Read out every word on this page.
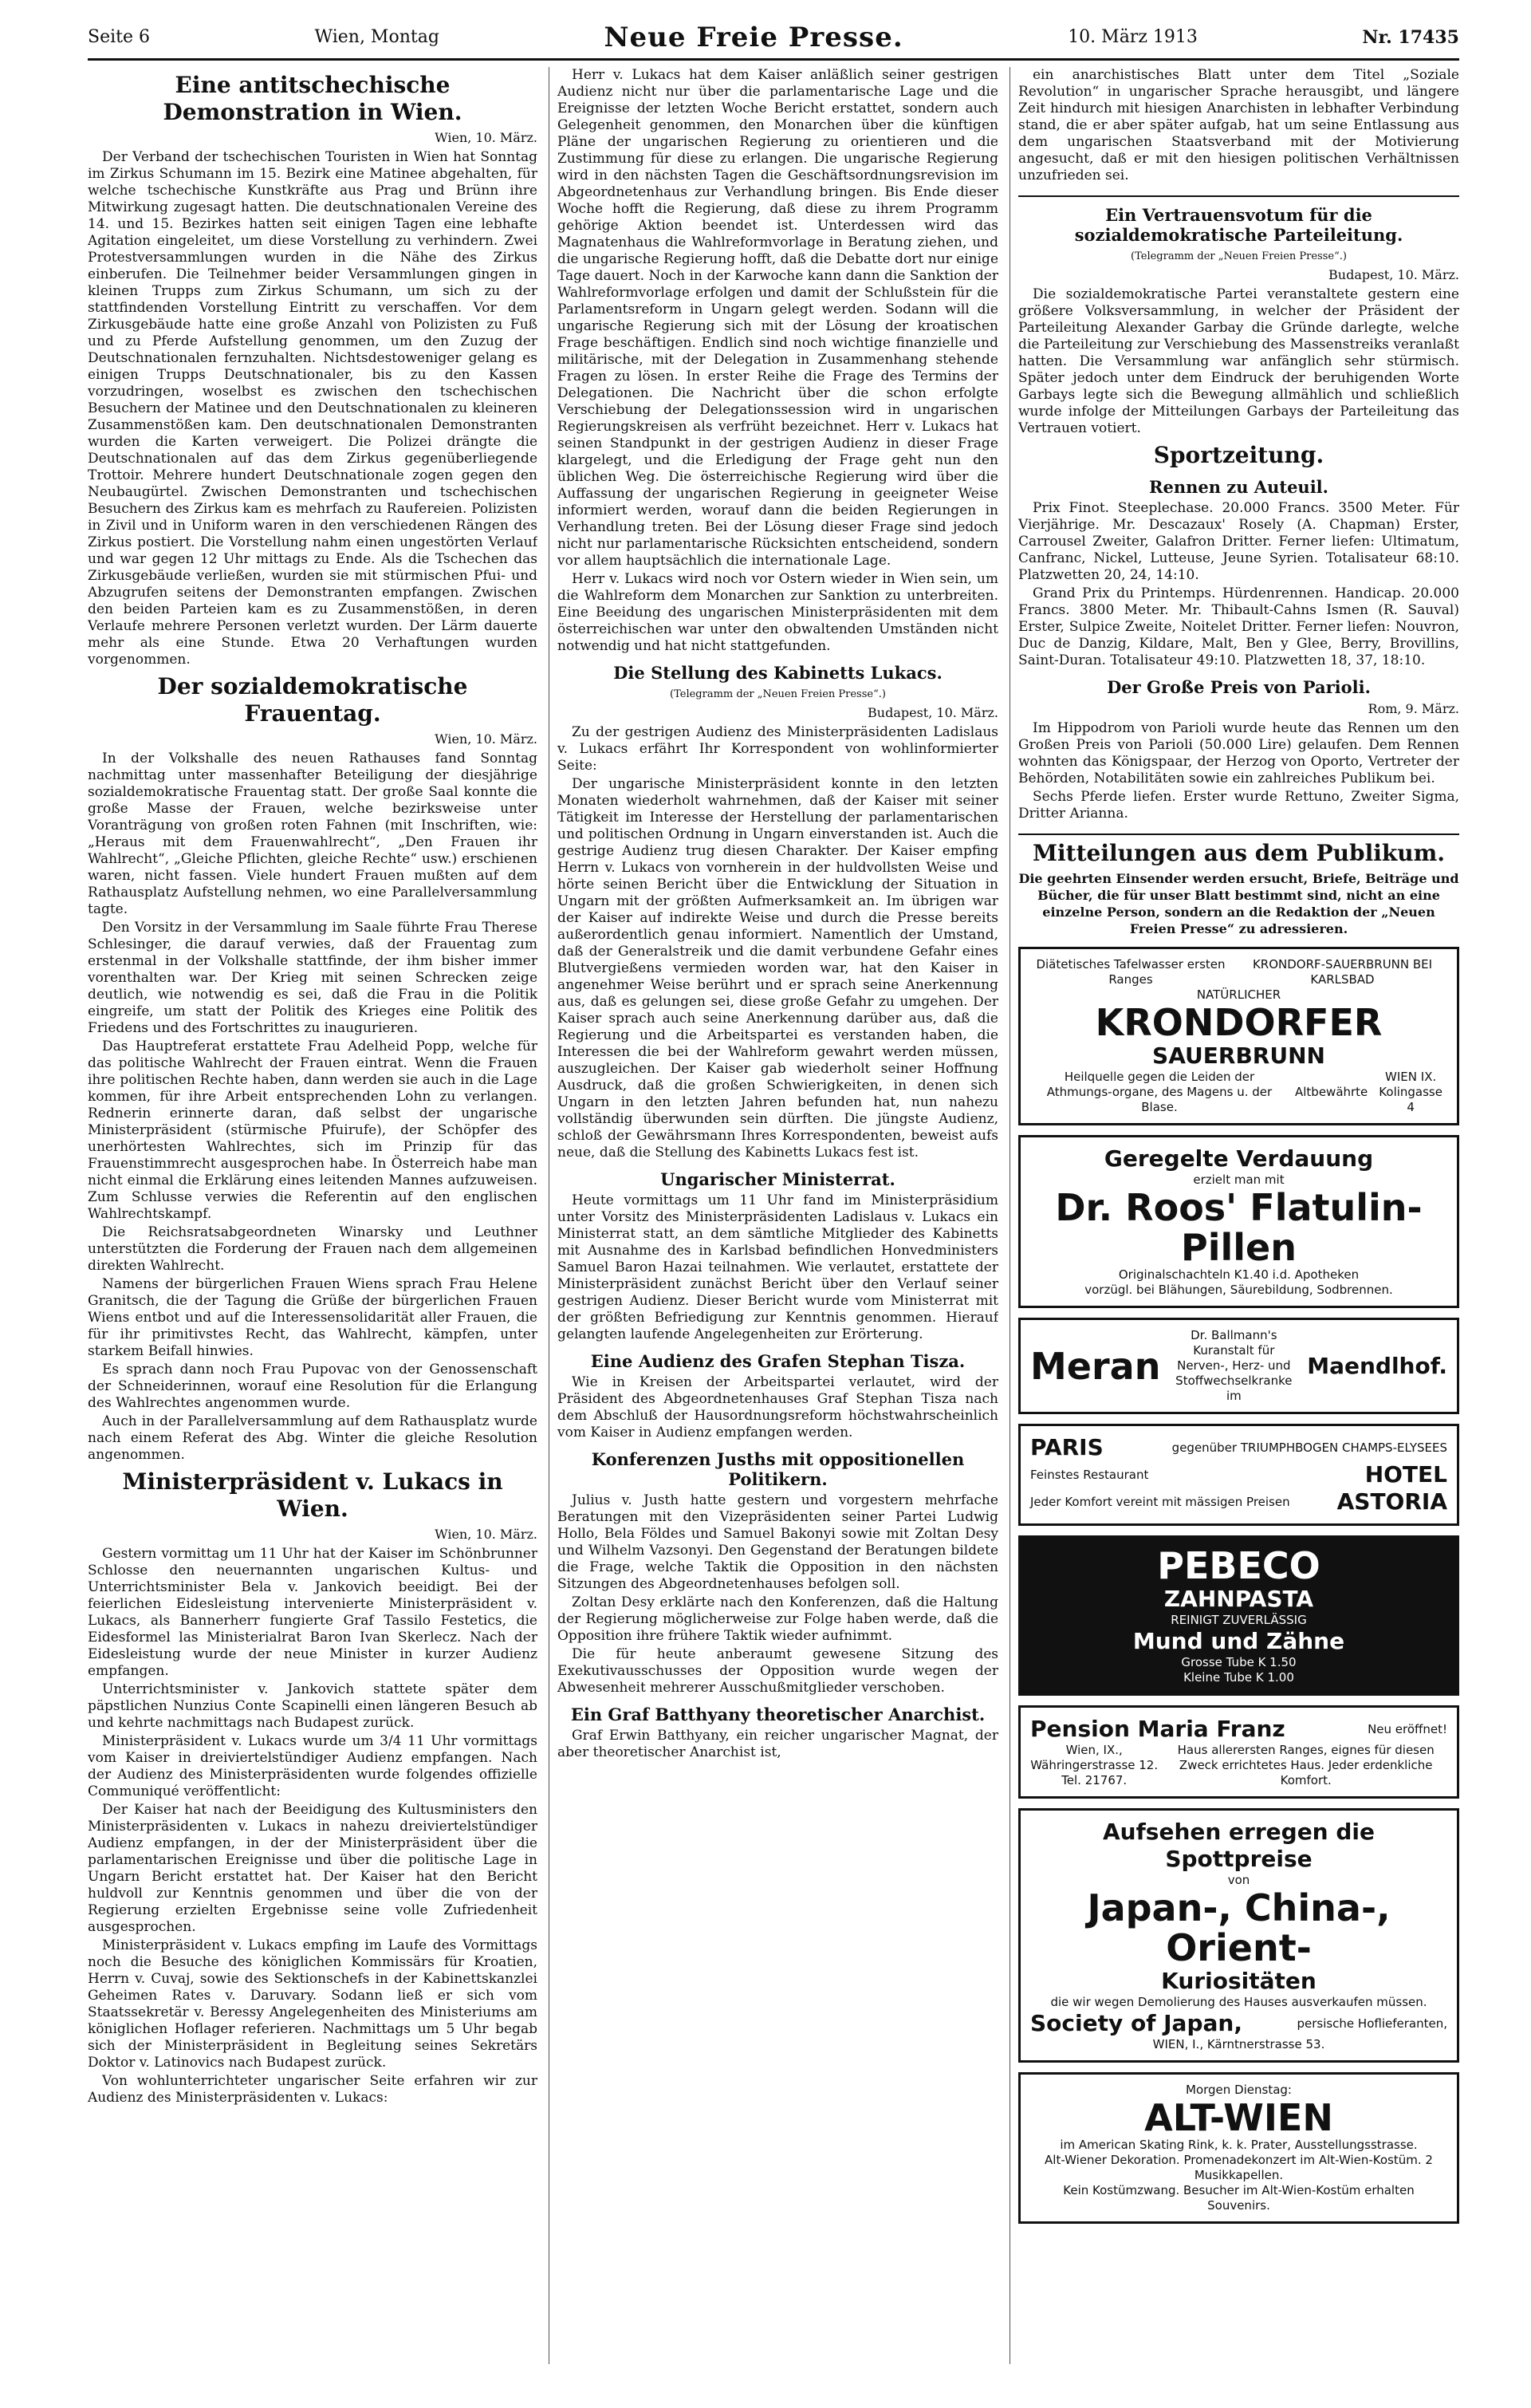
Seite 6	Wien, Montag	Neue Freie Presse.	10. März 1913	Nr. 17435
Eine antitschechische Demonstration in Wien.
Wien, 10. März.

Der Verband der tschechischen Touristen in Wien hat Sonntag im Zirkus Schumann im 15. Bezirk eine Matinee abgehalten, für welche tschechische Kunstkräfte aus Prag und Brünn ihre Mitwirkung zugesagt hatten. Die deutschnationalen Vereine des 14. und 15. Bezirkes hatten seit einigen Tagen eine lebhafte Agitation eingeleitet, um diese Vorstellung zu verhindern. Zwei Protestversammlungen wurden in die Nähe des Zirkus einberufen. Die Teilnehmer beider Versammlungen gingen in kleinen Trupps zum Zirkus Schumann, um sich zu der stattfindenden Vorstellung Eintritt zu verschaffen. Vor dem Zirkusgebäude hatte eine große Anzahl von Polizisten zu Fuß und zu Pferde Aufstellung genommen, um den Zuzug der Deutschnationalen fernzuhalten. Nichtsdestoweniger gelang es einigen Trupps Deutschnationaler, bis zu den Kassen vorzudringen, woselbst es zwischen den tschechischen Besuchern der Matinee und den Deutschnationalen zu kleineren Zusammenstößen kam. Den deutschnationalen Demonstranten wurden die Karten verweigert. Die Polizei drängte die Deutschnationalen auf das dem Zirkus gegenüberliegende Trottoir. Mehrere hundert Deutschnationale zogen gegen den Neubaugürtel. Zwischen Demonstranten und tschechischen Besuchern des Zirkus kam es mehrfach zu Raufereien. Polizisten in Zivil und in Uniform waren in den verschiedenen Rängen des Zirkus postiert. Die Vorstellung nahm einen ungestörten Verlauf und war gegen 12 Uhr mittags zu Ende. Als die Tschechen das Zirkusgebäude verließen, wurden sie mit stürmischen Pfui- und Abzugrufen seitens der Demonstranten empfangen. Zwischen den beiden Parteien kam es zu Zusammenstößen, in deren Verlaufe mehrere Personen verletzt wurden. Der Lärm dauerte mehr als eine Stunde. Etwa 20 Verhaftungen wurden vorgenommen.

Der sozialdemokratische Frauentag.
Wien, 10. März.

In der Volkshalle des neuen Rathauses fand Sonntag nachmittag unter massenhafter Beteiligung der diesjährige sozialdemokratische Frauentag statt. Der große Saal konnte die große Masse der Frauen, welche bezirksweise unter Voranträgung von großen roten Fahnen (mit Inschriften, wie: „Heraus mit dem Frauenwahlrecht“, „Den Frauen ihr Wahlrecht“, „Gleiche Pflichten, gleiche Rechte“ usw.) erschienen waren, nicht fassen. Viele hundert Frauen mußten auf dem Rathausplatz Aufstellung nehmen, wo eine Parallelversammlung tagte.

Den Vorsitz in der Versammlung im Saale führte Frau Therese Schlesinger, die darauf verwies, daß der Frauentag zum erstenmal in der Volkshalle stattfinde, der ihm bisher immer vorenthalten war. Der Krieg mit seinen Schrecken zeige deutlich, wie notwendig es sei, daß die Frau in die Politik eingreife, um statt der Politik des Krieges eine Politik des Friedens und des Fortschrittes zu inaugurieren.

Das Hauptreferat erstattete Frau Adelheid Popp, welche für das politische Wahlrecht der Frauen eintrat. Wenn die Frauen ihre politischen Rechte haben, dann werden sie auch in die Lage kommen, für ihre Arbeit entsprechenden Lohn zu verlangen. Rednerin erinnerte daran, daß selbst der ungarische Ministerpräsident (stürmische Pfuirufe), der Schöpfer des unerhörtesten Wahlrechtes, sich im Prinzip für das Frauenstimmrecht ausgesprochen habe. In Österreich habe man nicht einmal die Erklärung eines leitenden Mannes aufzuweisen. Zum Schlusse verwies die Referentin auf den englischen Wahlrechtskampf.

Die Reichsratsabgeordneten Winarsky und Leuthner unterstützten die Forderung der Frauen nach dem allgemeinen direkten Wahlrecht.

Namens der bürgerlichen Frauen Wiens sprach Frau Helene Granitsch, die der Tagung die Grüße der bürgerlichen Frauen Wiens entbot und auf die Interessensolidarität aller Frauen, die für ihr primitivstes Recht, das Wahlrecht, kämpfen, unter starkem Beifall hinwies.

Es sprach dann noch Frau Pupovac von der Genossenschaft der Schneiderinnen, worauf eine Resolution für die Erlangung des Wahlrechtes angenommen wurde.

Auch in der Parallelversammlung auf dem Rathausplatz wurde nach einem Referat des Abg. Winter die gleiche Resolution angenommen.

Ministerpräsident v. Lukacs in Wien.
Wien, 10. März.

Gestern vormittag um 11 Uhr hat der Kaiser im Schönbrunner Schlosse den neuernannten ungarischen Kultus- und Unterrichtsminister Bela v. Jankovich beeidigt. Bei der feierlichen Eidesleistung intervenierte Ministerpräsident v. Lukacs, als Bannerherr fungierte Graf Tassilo Festetics, die Eidesformel las Ministerialrat Baron Ivan Skerlecz. Nach der Eidesleistung wurde der neue Minister in kurzer Audienz empfangen.

Unterrichtsminister v. Jankovich stattete später dem päpstlichen Nunzius Conte Scapinelli einen längeren Besuch ab und kehrte nachmittags nach Budapest zurück.

Ministerpräsident v. Lukacs wurde um 3/4 11 Uhr vormittags vom Kaiser in dreiviertelstündiger Audienz empfangen. Nach der Audienz des Ministerpräsidenten wurde folgendes offizielle Communiqué veröffentlicht:

Der Kaiser hat nach der Beeidigung des Kultusministers den Ministerpräsidenten v. Lukacs in nahezu dreiviertelstündiger Audienz empfangen, in der der Ministerpräsident über die parlamentarischen Ereignisse und über die politische Lage in Ungarn Bericht erstattet hat. Der Kaiser hat den Bericht huldvoll zur Kenntnis genommen und über die von der Regierung erzielten Ergebnisse seine volle Zufriedenheit ausgesprochen.

Ministerpräsident v. Lukacs empfing im Laufe des Vormittags noch die Besuche des königlichen Kommissärs für Kroatien, Herrn v. Cuvaj, sowie des Sektionschefs in der Kabinettskanzlei Geheimen Rates v. Daruvary. Sodann ließ er sich vom Staatssekretär v. Beressy Angelegenheiten des Ministeriums am königlichen Hoflager referieren. Nachmittags um 5 Uhr begab sich der Ministerpräsident in Begleitung seines Sekretärs Doktor v. Latinovics nach Budapest zurück.

Von wohlunterrichteter ungarischer Seite erfahren wir zur Audienz des Ministerpräsidenten v. Lukacs:

Herr v. Lukacs hat dem Kaiser anläßlich seiner gestrigen Audienz nicht nur über die parlamentarische Lage und die Ereignisse der letzten Woche Bericht erstattet, sondern auch Gelegenheit genommen, den Monarchen über die künftigen Pläne der ungarischen Regierung zu orientieren und die Zustimmung für diese zu erlangen. Die ungarische Regierung wird in den nächsten Tagen die Geschäftsordnungsrevision im Abgeordnetenhaus zur Verhandlung bringen. Bis Ende dieser Woche hofft die Regierung, daß diese zu ihrem Programm gehörige Aktion beendet ist. Unterdessen wird das Magnatenhaus die Wahlreformvorlage in Beratung ziehen, und die ungarische Regierung hofft, daß die Debatte dort nur einige Tage dauert. Noch in der Karwoche kann dann die Sanktion der Wahlreformvorlage erfolgen und damit der Schlußstein für die Parlamentsreform in Ungarn gelegt werden. Sodann will die ungarische Regierung sich mit der Lösung der kroatischen Frage beschäftigen. Endlich sind noch wichtige finanzielle und militärische, mit der Delegation in Zusammenhang stehende Fragen zu lösen. In erster Reihe die Frage des Termins der Delegationen. Die Nachricht über die schon erfolgte Verschiebung der Delegationssession wird in ungarischen Regierungskreisen als verfrüht bezeichnet. Herr v. Lukacs hat seinen Standpunkt in der gestrigen Audienz in dieser Frage klargelegt, und die Erledigung der Frage geht nun den üblichen Weg. Die österreichische Regierung wird über die Auffassung der ungarischen Regierung in geeigneter Weise informiert werden, worauf dann die beiden Regierungen in Verhandlung treten. Bei der Lösung dieser Frage sind jedoch nicht nur parlamentarische Rücksichten entscheidend, sondern vor allem hauptsächlich die internationale Lage.

Herr v. Lukacs wird noch vor Ostern wieder in Wien sein, um die Wahlreform dem Monarchen zur Sanktion zu unterbreiten. Eine Beeidung des ungarischen Ministerpräsidenten mit dem österreichischen war unter den obwaltenden Umständen nicht notwendig und hat nicht stattgefunden.

Die Stellung des Kabinetts Lukacs.
(Telegramm der „Neuen Freien Presse“.)
Budapest, 10. März.

Zu der gestrigen Audienz des Ministerpräsidenten Ladislaus v. Lukacs erfährt Ihr Korrespondent von wohlinformierter Seite:

Der ungarische Ministerpräsident konnte in den letzten Monaten wiederholt wahrnehmen, daß der Kaiser mit seiner Tätigkeit im Interesse der Herstellung der parlamentarischen und politischen Ordnung in Ungarn einverstanden ist. Auch die gestrige Audienz trug diesen Charakter. Der Kaiser empfing Herrn v. Lukacs von vornherein in der huldvollsten Weise und hörte seinen Bericht über die Entwicklung der Situation in Ungarn mit der größten Aufmerksamkeit an. Im übrigen war der Kaiser auf indirekte Weise und durch die Presse bereits außerordentlich genau informiert. Namentlich der Umstand, daß der Generalstreik und die damit verbundene Gefahr eines Blutvergießens vermieden worden war, hat den Kaiser in angenehmer Weise berührt und er sprach seine Anerkennung aus, daß es gelungen sei, diese große Gefahr zu umgehen. Der Kaiser sprach auch seine Anerkennung darüber aus, daß die Regierung und die Arbeitspartei es verstanden haben, die Interessen die bei der Wahlreform gewahrt werden müssen, auszugleichen. Der Kaiser gab wiederholt seiner Hoffnung Ausdruck, daß die großen Schwierigkeiten, in denen sich Ungarn in den letzten Jahren befunden hat, nun nahezu vollständig überwunden sein dürften. Die jüngste Audienz, schloß der Gewährsmann Ihres Korrespondenten, beweist aufs neue, daß die Stellung des Kabinetts Lukacs fest ist.

Ungarischer Ministerrat.

Heute vormittags um 11 Uhr fand im Ministerpräsidium unter Vorsitz des Ministerpräsidenten Ladislaus v. Lukacs ein Ministerrat statt, an dem sämtliche Mitglieder des Kabinetts mit Ausnahme des in Karlsbad befindlichen Honvedministers Samuel Baron Hazai teilnahmen. Wie verlautet, erstattete der Ministerpräsident zunächst Bericht über den Verlauf seiner gestrigen Audienz. Dieser Bericht wurde vom Ministerrat mit der größten Befriedigung zur Kenntnis genommen. Hierauf gelangten laufende Angelegenheiten zur Erörterung.

Eine Audienz des Grafen Stephan Tisza.

Wie in Kreisen der Arbeitspartei verlautet, wird der Präsident des Abgeordnetenhauses Graf Stephan Tisza nach dem Abschluß der Hausordnungsreform höchstwahrscheinlich vom Kaiser in Audienz empfangen werden.

Konferenzen Jusths mit oppositionellen Politikern.

Julius v. Justh hatte gestern und vorgestern mehrfache Beratungen mit den Vizepräsidenten seiner Partei Ludwig Hollo, Bela Földes und Samuel Bakonyi sowie mit Zoltan Desy und Wilhelm Vazsonyi. Den Gegenstand der Beratungen bildete die Frage, welche Taktik die Opposition in den nächsten Sitzungen des Abgeordnetenhauses befolgen soll.

Zoltan Desy erklärte nach den Konferenzen, daß die Haltung der Regierung möglicherweise zur Folge haben werde, daß die Opposition ihre frühere Taktik wieder aufnimmt.

Die für heute anberaumt gewesene Sitzung des Exekutivausschusses der Opposition wurde wegen der Abwesenheit mehrerer Ausschußmitglieder verschoben.

Ein Graf Batthyany theoretischer Anarchist.

Graf Erwin Batthyany, ein reicher ungarischer Magnat, der aber theoretischer Anarchist ist,

ein anarchistisches Blatt unter dem Titel „Soziale Revolution“ in ungarischer Sprache herausgibt, und längere Zeit hindurch mit hiesigen Anarchisten in lebhafter Verbindung stand, die er aber später aufgab, hat um seine Entlassung aus dem ungarischen Staatsverband mit der Motivierung angesucht, daß er mit den hiesigen politischen Verhältnissen unzufrieden sei.

Ein Vertrauensvotum für die sozialdemokratische Parteileitung.
(Telegramm der „Neuen Freien Presse“.)
Budapest, 10. März.

Die sozialdemokratische Partei veranstaltete gestern eine größere Volksversammlung, in welcher der Präsident der Parteileitung Alexander Garbay die Gründe darlegte, welche die Parteileitung zur Verschiebung des Massenstreiks veranlaßt hatten. Die Versammlung war anfänglich sehr stürmisch. Später jedoch unter dem Eindruck der beruhigenden Worte Garbays legte sich die Bewegung allmählich und schließlich wurde infolge der Mitteilungen Garbays der Parteileitung das Vertrauen votiert.

Sportzeitung.
Rennen zu Auteuil.

Prix Finot. Steeplechase. 20.000 Francs. 3500 Meter. Für Vierjährige. Mr. Descazaux' Rosely (A. Chapman) Erster, Carrousel Zweiter, Galafron Dritter. Ferner liefen: Ultimatum, Canfranc, Nickel, Lutteuse, Jeune Syrien. Totalisateur 68:10. Platzwetten 20, 24, 14:10.

Grand Prix du Printemps. Hürdenrennen. Handicap. 20.000 Francs. 3800 Meter. Mr. Thibault-Cahns Ismen (R. Sauval) Erster, Sulpice Zweite, Noitelet Dritter. Ferner liefen: Nouvron, Duc de Danzig, Kildare, Malt, Ben y Glee, Berry, Brovillins, Saint-Duran. Totalisateur 49:10. Platzwetten 18, 37, 18:10.

Der Große Preis von Parioli.
Rom, 9. März.

Im Hippodrom von Parioli wurde heute das Rennen um den Großen Preis von Parioli (50.000 Lire) gelaufen. Dem Rennen wohnten das Königspaar, der Herzog von Oporto, Vertreter der Behörden, Notabilitäten sowie ein zahlreiches Publikum bei.

Sechs Pferde liefen. Erster wurde Rettuno, Zweiter Sigma, Dritter Arianna.

Mitteilungen aus dem Publikum.
Die geehrten Einsender werden ersucht, Briefe, Beiträge und Bücher, die für unser Blatt bestimmt sind, nicht an eine einzelne Person, sondern an die Redaktion der „Neuen Freien Presse“ zu adressieren.
Diätetisches Tafelwasser ersten Ranges
KRONDORF-SAUERBRUNN BEI KARLSBAD
NATÜRLICHER
KRONDORFER
SAUERBRUNN
Heilquelle gegen die Leiden der Athmungs-organe, des Magens u. der Blase.
Altbewährte
WIEN IX. Kolingasse 4
Geregelte Verdauung
erzielt man mit
Dr. Roos' Flatulin-Pillen
Originalschachteln K1.40 i.d. Apotheken
vorzügl. bei Blähungen, Säurebildung, Sodbrennen.
Meran
Dr. Ballmann's Kuranstalt für Nerven-, Herz- und Stoffwechselkranke im
Maendlhof.
PARIS	gegenüber TRIUMPHBOGEN CHAMPS-ELYSEES
Feinstes Restaurant	HOTEL
Jeder Komfort vereint mit mässigen Preisen ASTORIA
PEBECO
ZAHNPASTA
REINIGT ZUVERLÄSSIG
Mund und Zähne
Grosse Tube K 1.50
Kleine Tube K 1.00
Pension Maria Franz	Neu eröffnet!
Wien, IX., Währingerstrasse 12. Tel. 21767.
Haus allerersten Ranges, eignes für diesen Zweck errichtetes Haus. Jeder erdenkliche Komfort.
Aufsehen erregen die Spottpreise
von
Japan-, China-, Orient-
Kuriositäten
die wir wegen Demolierung des Hauses ausverkaufen müssen.
Society of Japan,	persische Hoflieferanten,
WIEN, I., Kärntnerstrasse 53.
Morgen Dienstag:
ALT-WIEN
im American Skating Rink, k. k. Prater, Ausstellungsstrasse.
Alt-Wiener Dekoration. Promenadekonzert im Alt-Wien-Kostüm. 2 Musikkapellen.
Kein Kostümzwang. Besucher im Alt-Wien-Kostüm erhalten Souvenirs.
